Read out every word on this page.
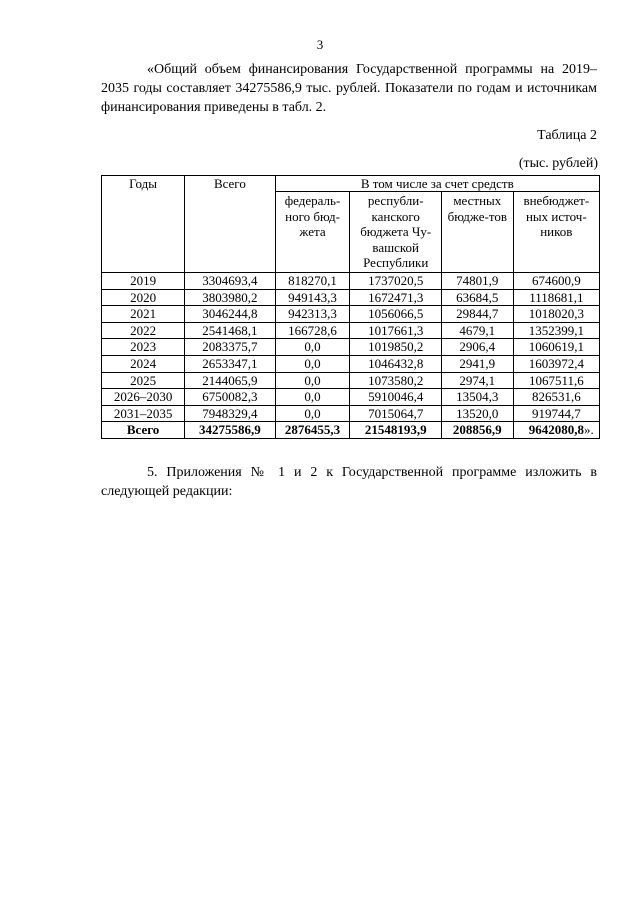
3

«Общий объем финансирования Государственной программы на 2019–2035 годы составляет 34275586,9 тыс. рублей. Показатели по годам и источникам финансирования приведены в табл. 2.

Таблица 2
(тыс. рублей)
Годы	Всего	В том числе за счет средств			
		федераль-ного бюд-жета	республи-канского бюджета Чу-вашской Республики	местных бюдже-тов	внебюджет-ных источ-ников
2019	3304693,4	818270,1	1737020,5	74801,9	674600,9
2020	3803980,2	949143,3	1672471,3	63684,5	1118681,1
2021	3046244,8	942313,3	1056066,5	29844,7	1018020,3
2022	2541468,1	166728,6	1017661,3	4679,1	1352399,1
2023	2083375,7	0,0	1019850,2	2906,4	1060619,1
2024	2653347,1	0,0	1046432,8	2941,9	1603972,4
2025	2144065,9	0,0	1073580,2	2974,1	1067511,6
2026–2030	6750082,3	0,0	5910046,4	13504,3	826531,6
2031–2035	7948329,4	0,0	7015064,7	13520,0	919744,7
Всего	34275586,9	2876455,3	21548193,9	208856,9	9642080,8 ».

5. Приложения № 1 и 2 к Государственной программе изложить в следующей редакции:
